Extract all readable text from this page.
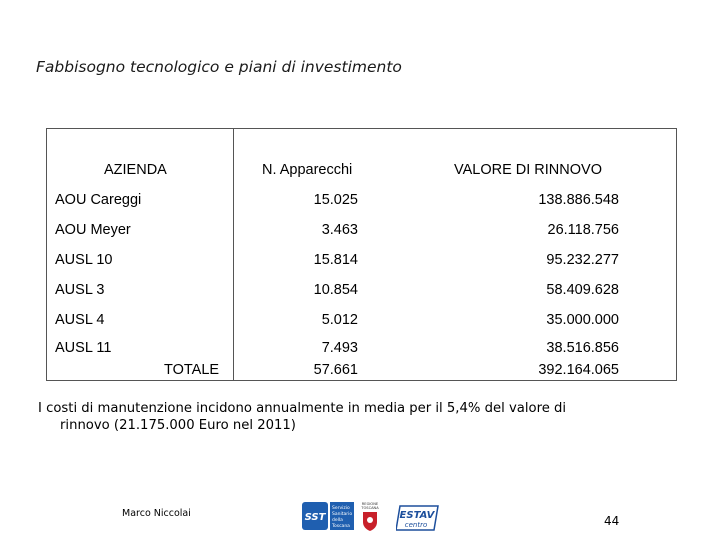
Fabbisogno tecnologico e piani di investimento
AZIENDA	N. Apparecchi	VALORE DI RINNOVO
AOU Careggi	15.025	138.886.548
AOU Meyer	3.463	26.118.756
AUSL 10	15.814	95.232.277
AUSL 3	10.854	58.409.628
AUSL 4	5.012	35.000.000
AUSL 11	7.493	38.516.856
TOTALE	57.661	392.164.065
I costi di manutenzione incidono annualmente in media per il 5,4% del valore di
rinnovo (21.175.000 Euro nel 2011)
Marco Niccolai	SST
Servizio
Sanitario
della
Toscana
REGIONE
TOSCANA
ESTAV
centro	44
